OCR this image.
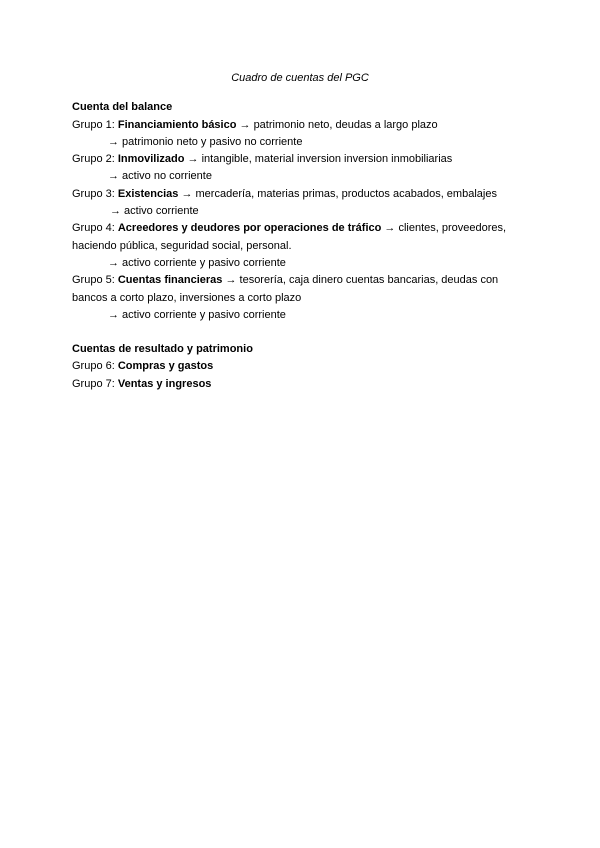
Cuadro de cuentas del PGC

Cuenta del balance

Grupo 1: Financiamiento básico → patrimonio neto, deudas a largo plazo

→ patrimonio neto y pasivo no corriente

Grupo 2: Inmovilizado → intangible, material inversion inversion inmobiliarias

→ activo no corriente

Grupo 3: Existencias → mercadería, materias primas, productos acabados, embalajes

→ activo corriente

Grupo 4: Acreedores y deudores por operaciones de tráfico → clientes, proveedores, haciendo pública, seguridad social, personal.

→ activo corriente y pasivo corriente

Grupo 5: Cuentas financieras → tesorería, caja dinero cuentas bancarias, deudas con bancos a corto plazo, inversiones a corto plazo

→ activo corriente y pasivo corriente

Cuentas de resultado y patrimonio

Grupo 6: Compras y gastos

Grupo 7: Ventas y ingresos
